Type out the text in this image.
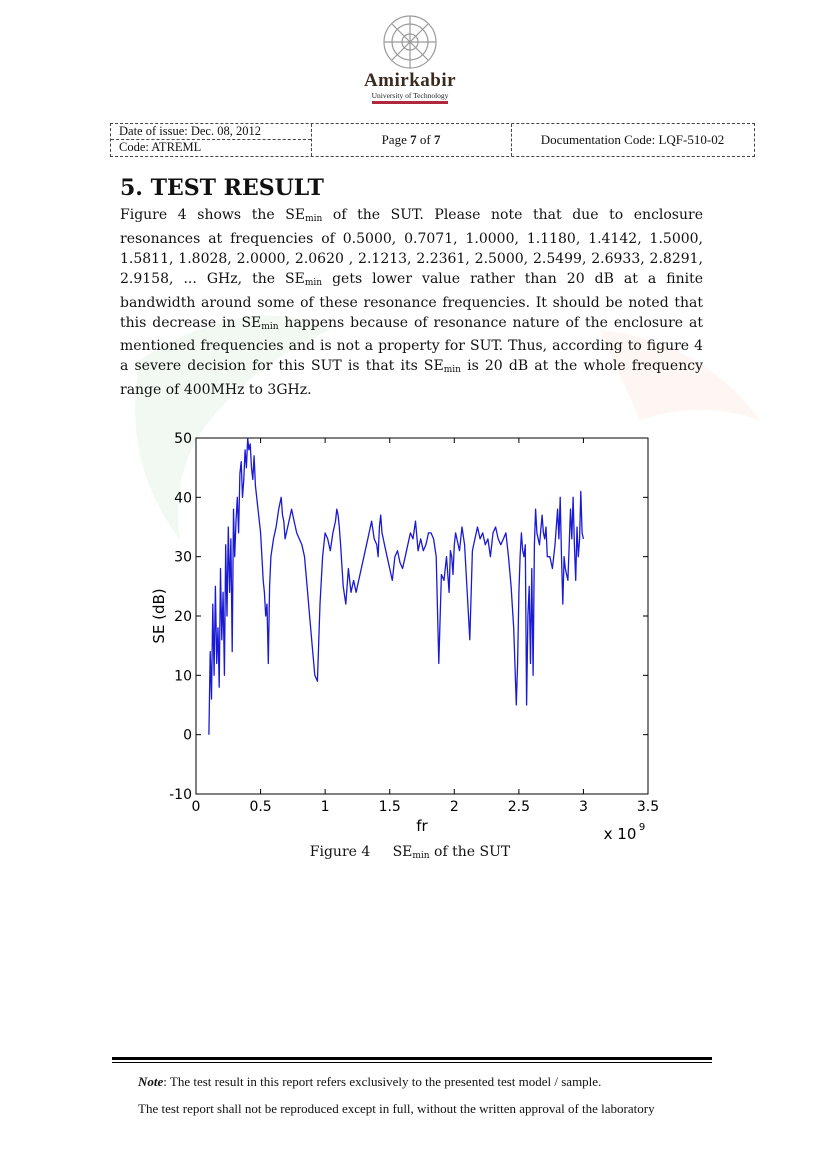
Amirkabir
University of Technology
Date of issue: Dec. 08, 2012
Code: ATREML	Page 7 of 7	Documentation Code: LQF-510-02
5. TEST RESULT
Figure 4 shows the $SE_{min}$ of the SUT. Please note that due to enclosure resonances at frequencies of 0.5000, 0.7071, 1.0000, 1.1180, 1.4142, 1.5000, 1.5811, 1.8028, 2.0000, 2.0620 , 2.1213, 2.2361, 2.5000, 2.5499, 2.6933, 2.8291, 2.9158, ... GHz, the $SE_{min}$ gets lower value rather than 20 dB at a finite bandwidth around some of these resonance frequencies. It should be noted that this decrease in $SE_{min}$ happens because of resonance nature of the enclosure at mentioned frequencies and is not a property for SUT. Thus, according to figure 4 a severe decision for this SUT is that its $SE_{min}$ is 20 dB at the whole frequency range of 400MHz to 3GHz.
0	0.5	1	1.5	2	2.5	3	3.5
-10
0
10
20
30
40
50
fr
SE (dB)
x 10 9
Figure 4 $SE_{min}$ of the SUT
Note: The test result in this report refers exclusively to the presented test model / sample.
The test report shall not be reproduced except in full, without the written approval of the laboratory
